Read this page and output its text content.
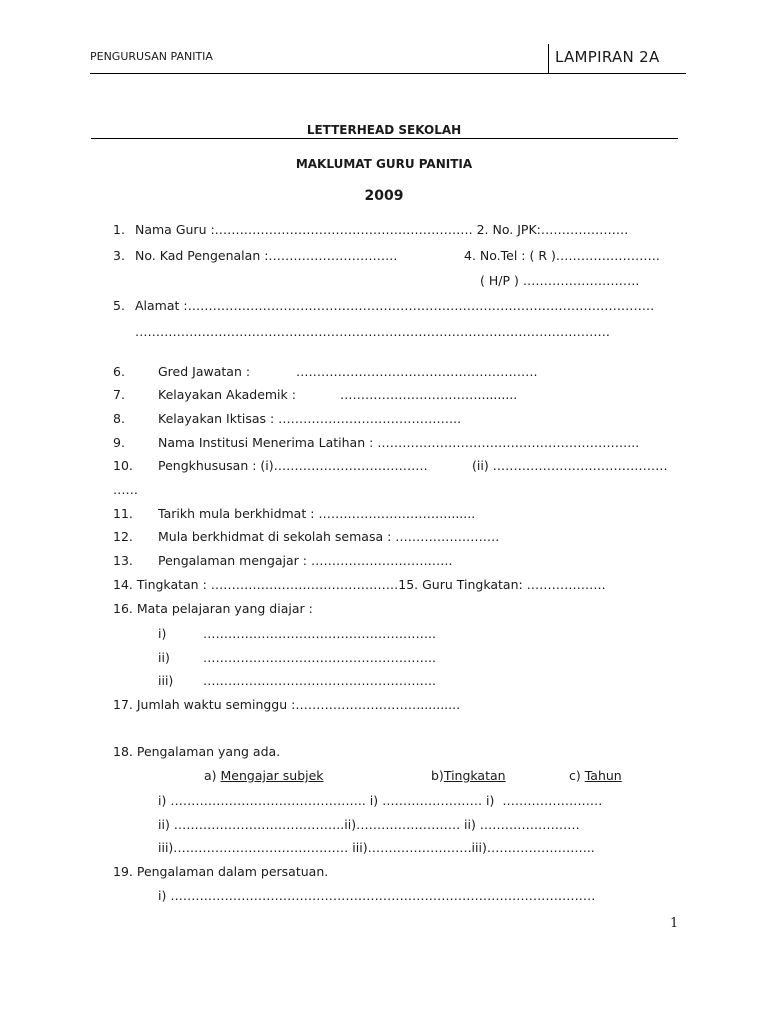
PENGURUSAN PANITIA	LAMPIRAN 2A
LETTERHEAD SEKOLAH
MAKLUMAT GURU PANITIA
2009
1. Nama Guru :……………………………………….……………. 2. No. JPK:…………………
3. No. Kad Pengenalan :………………………….	4. No.Tel : ( R )…………………….
( H/P ) ……………………….
5. Alamat :………………………………………………………………………………………………….
……………………………………………………………………………………………………
6.	Gred Jawatan :	………………………………………………….
7.	Kelayakan Akademik :	……………………………..........
8.	Kelayakan Iktisas : ……………………………………..
9.	Nama Institusi Menerima Latihan : ……………………………………………………...
10. Pengkhususan : (i)……………………………….	(ii) ……………………………………
……
11. Tarikh mula berkhidmat : …………………………........
12. Mula berkhidmat di sekolah semasa : …………………….
13. Pengalaman mengajar : …………………………….
14. Tingkatan : ………………………………………15. Guru Tingkatan: ……………….
16. Mata pelajaran yang diajar :
i)	………………………………………………..
ii)	………………………………………………..
iii) ………………………………………………..
17. Jumlah waktu seminggu :…………………………..........
18. Pengalaman yang ada.
a) Mengajar subjek	b)Tingkatan	c) Tahun
i) ……………………………………….. i) …………………… i)  ……………………
ii) …………………………………..ii)……………………. ii) ……………………
iii)…………………………………… iii)…………………….iii)……………………..
19. Pengalaman dalam persatuan.
i) …………………………………………………………………………………………
1
